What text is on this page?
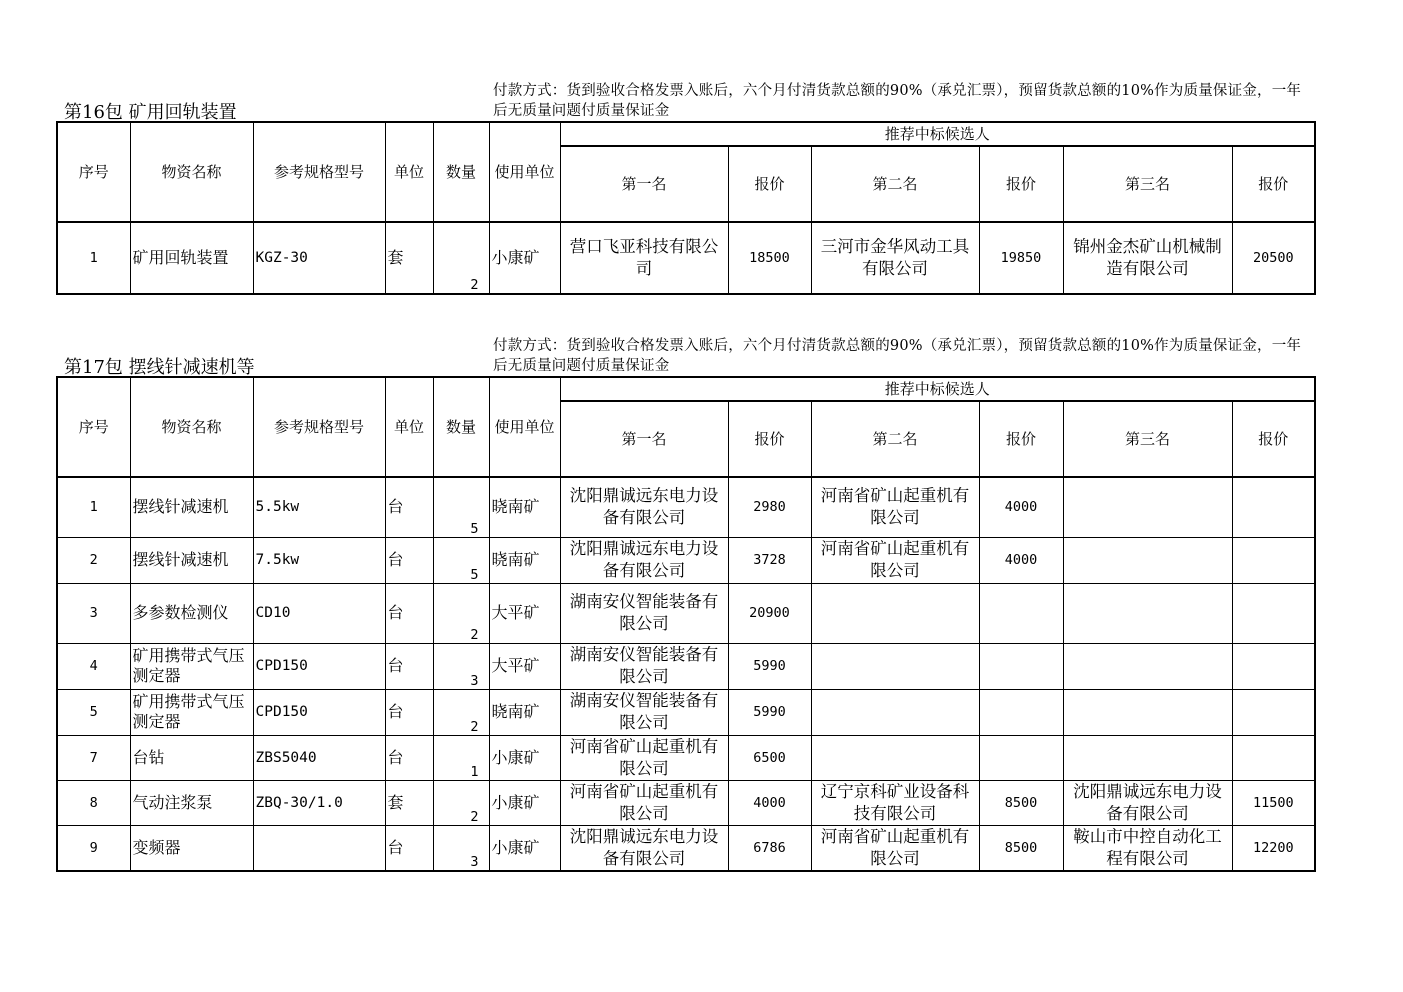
第16包 矿用回轨装置
付款方式：货到验收合格发票入账后，六个月付清货款总额的90%（承兑汇票），预留货款总额的10%作为质量保证金，一年后无质量问题付质量保证金
序号	物资名称	参考规格型号	单位	数量	使用单位	推荐中标候选人					
						第一名	报价	第二名	报价	第三名	报价
1	矿用回轨装置	KGZ-30	套	2	小康矿	营口飞亚科技有限公司	18500	三河市金华风动工具有限公司	19850	锦州金杰矿山机械制造有限公司	20500
第17包 摆线针减速机等
付款方式：货到验收合格发票入账后，六个月付清货款总额的90%（承兑汇票），预留货款总额的10%作为质量保证金，一年后无质量问题付质量保证金
序号	物资名称	参考规格型号	单位	数量	使用单位	推荐中标候选人					
						第一名	报价	第二名	报价	第三名	报价
1	摆线针减速机	5.5kw	台	5	晓南矿	沈阳鼎诚远东电力设备有限公司	2980	河南省矿山起重机有限公司	4000		
2	摆线针减速机	7.5kw	台	5	晓南矿	沈阳鼎诚远东电力设备有限公司	3728	河南省矿山起重机有限公司	4000		
3	多参数检测仪	CD10	台	2	大平矿	湖南安仪智能装备有限公司	20900				
4	矿用携带式气压测定器	CPD150	台	3	大平矿	湖南安仪智能装备有限公司	5990				
5	矿用携带式气压测定器	CPD150	台	2	晓南矿	湖南安仪智能装备有限公司	5990				
7	台钻	ZBS5040	台	1	小康矿	河南省矿山起重机有限公司	6500				
8	气动注浆泵	ZBQ-30/1.0	套	2	小康矿	河南省矿山起重机有限公司	4000	辽宁京科矿业设备科技有限公司	8500	沈阳鼎诚远东电力设备有限公司	11500
9	变频器		台	3	小康矿	沈阳鼎诚远东电力设备有限公司	6786	河南省矿山起重机有限公司	8500	鞍山市中控自动化工程有限公司	12200
